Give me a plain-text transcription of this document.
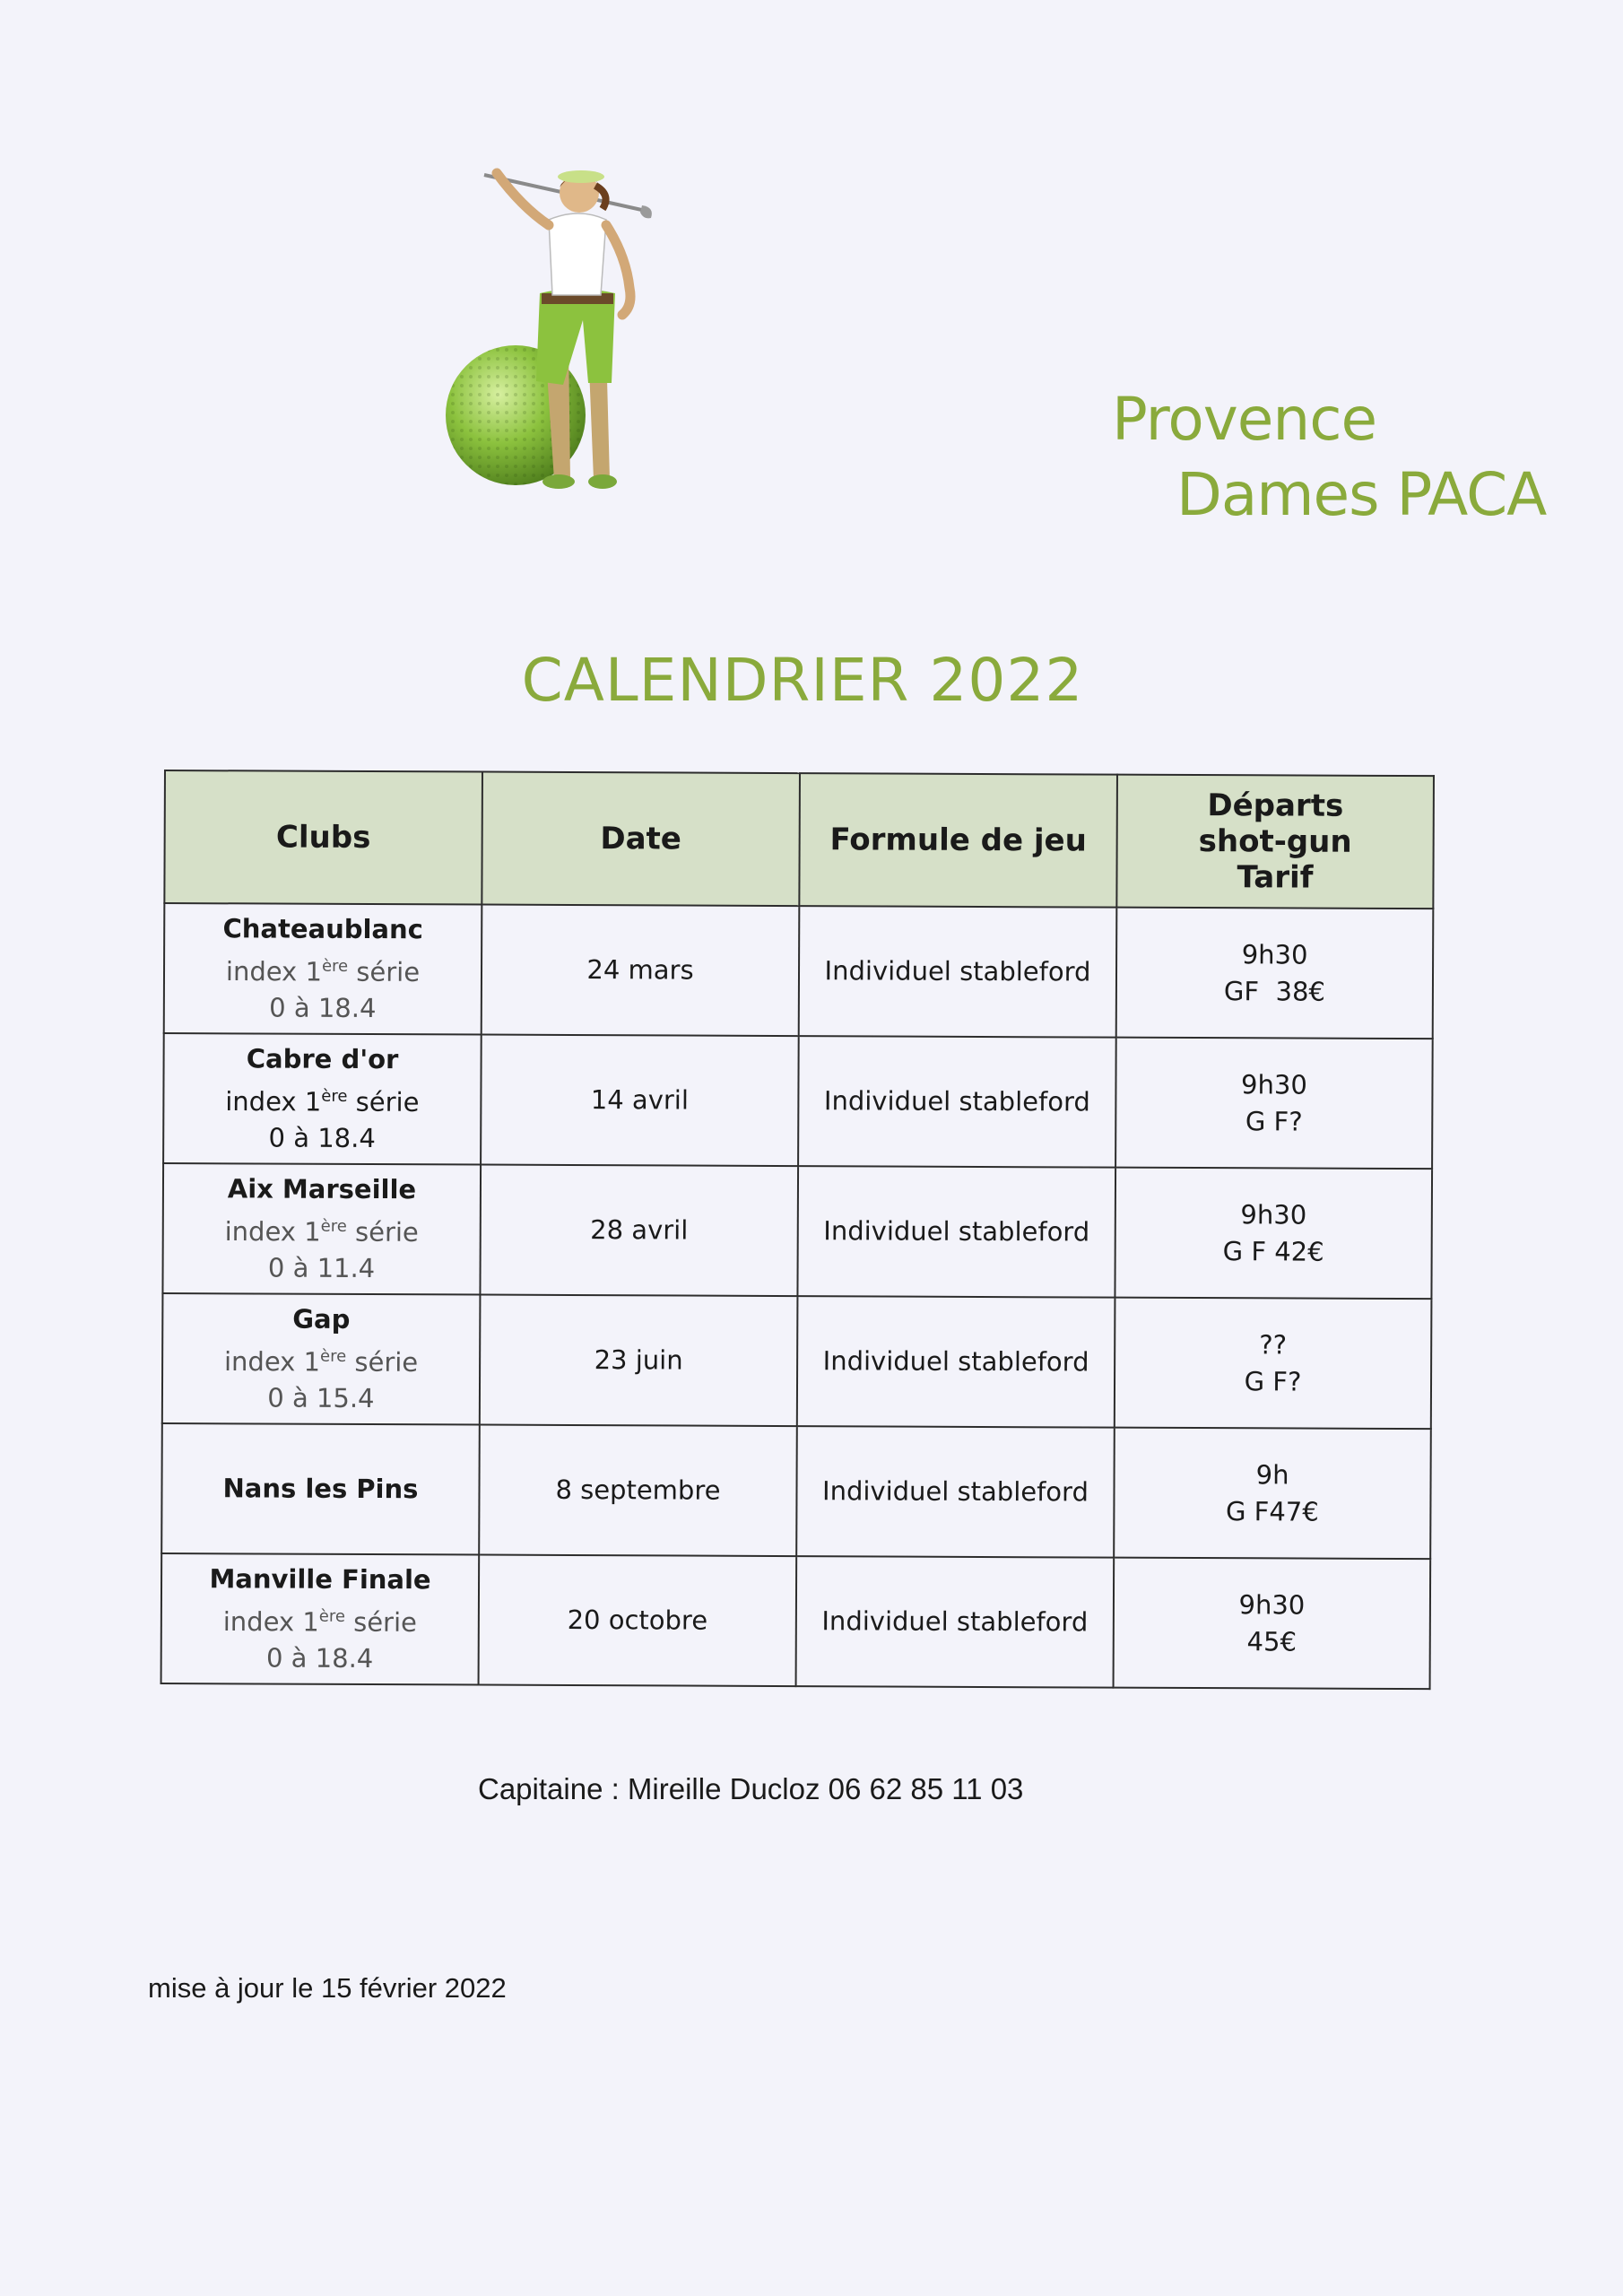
Provence
Dames PACA
CALENDRIER 2022
Clubs	Date	Formule de jeu	Départs
shot-gun
Tarif

Chateaublanc
index 1ère série
0 à 18.4	24 mars	Individuel stableford	9h30
GF  38€

Cabre d'or
index 1ère série
0 à 18.4	14 avril	Individuel stableford	9h30
G F?

Aix Marseille
index 1ère série
0 à 11.4	28 avril	Individuel stableford	9h30
G F 42€

Gap
index 1ère série
0 à 15.4	23 juin	Individuel stableford	??
G F?

Nans les Pins	8 septembre	Individuel stableford	9h
G F47€

Manville Finale
index 1ère série
0 à 18.4	20 octobre	Individuel stableford	9h30
45€
Capitaine : Mireille Ducloz 06 62 85 11 03
mise à jour le 15 février 2022
